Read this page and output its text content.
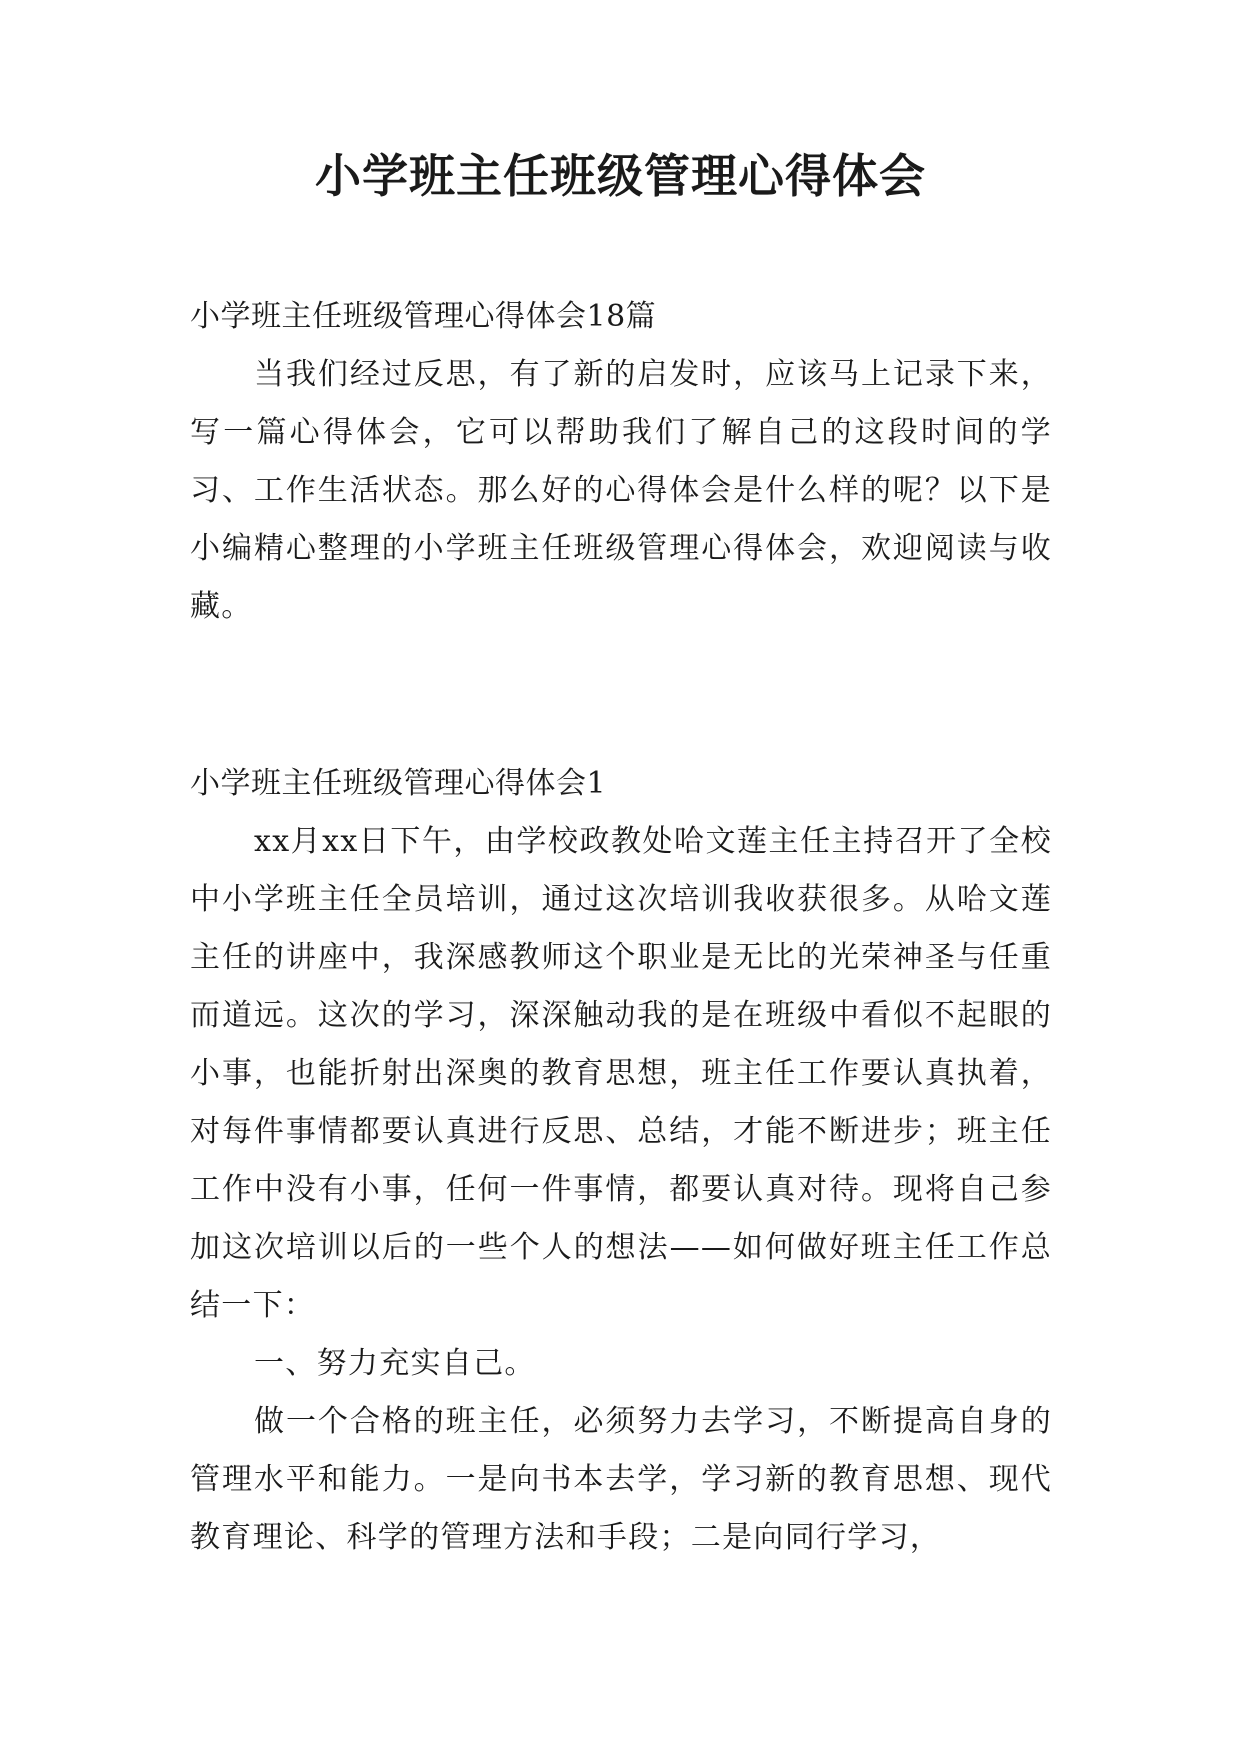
小学班主任班级管理心得体会

小学班主任班级管理心得体会18篇

当我们经过反思，有了新的启发时，应该马上记录下来，写一篇心得体会，它可以帮助我们了解自己的这段时间的学习、工作生活状态。那么好的心得体会是什么样的呢？以下是小编精心整理的小学班主任班级管理心得体会，欢迎阅读与收藏。

小学班主任班级管理心得体会1

xx月xx日下午，由学校政教处哈文莲主任主持召开了全校中小学班主任全员培训，通过这次培训我收获很多。从哈文莲主任的讲座中，我深感教师这个职业是无比的光荣神圣与任重而道远。这次的学习，深深触动我的是在班级中看似不起眼的小事，也能折射出深奥的教育思想，班主任工作要认真执着，对每件事情都要认真进行反思、总结，才能不断进步；班主任工作中没有小事，任何一件事情，都要认真对待。现将自己参加这次培训以后的一些个人的想法——如何做好班主任工作总结一下：

一、努力充实自己。

做一个合格的班主任，必须努力去学习，不断提高自身的管理水平和能力。一是向书本去学，学习新的教育思想、现代教育理论、科学的管理方法和手段；二是向同行学习，
